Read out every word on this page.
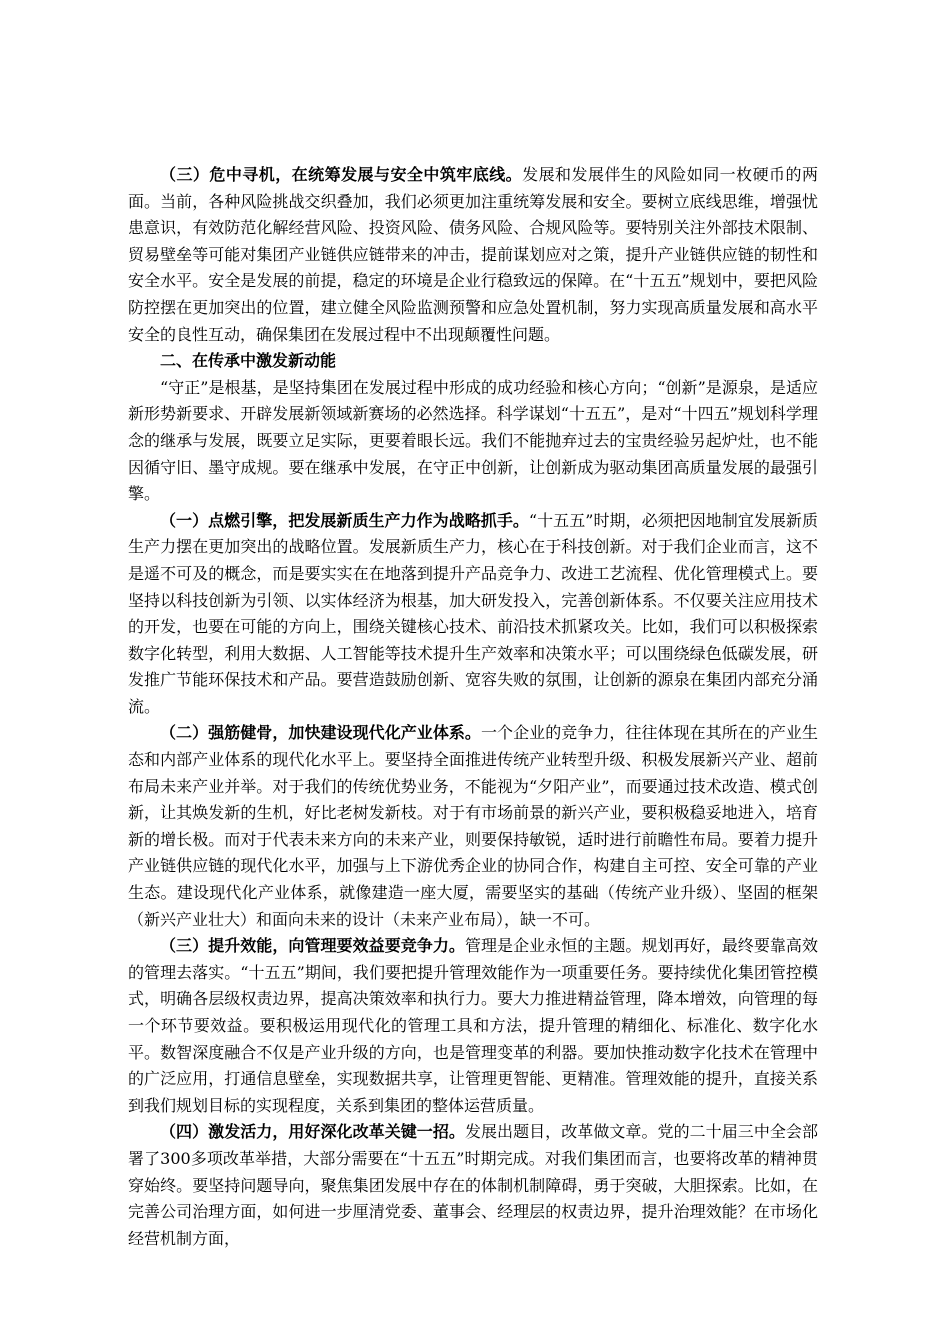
（三）危中寻机，在统筹发展与安全中筑牢底线。发展和发展伴生的风险如同一枚硬币的两面。当前，各种风险挑战交织叠加，我们必须更加注重统筹发展和安全。要树立底线思维，增强忧患意识，有效防范化解经营风险、投资风险、债务风险、合规风险等。要特别关注外部技术限制、贸易壁垒等可能对集团产业链供应链带来的冲击，提前谋划应对之策，提升产业链供应链的韧性和安全水平。安全是发展的前提，稳定的环境是企业行稳致远的保障。在“十五五”规划中，要把风险防控摆在更加突出的位置，建立健全风险监测预警和应急处置机制，努力实现高质量发展和高水平安全的良性互动，确保集团在发展过程中不出现颠覆性问题。

二、在传承中激发新动能

“守正”是根基，是坚持集团在发展过程中形成的成功经验和核心方向；“创新”是源泉，是适应新形势新要求、开辟发展新领域新赛场的必然选择。科学谋划“十五五”，是对“十四五”规划科学理念的继承与发展，既要立足实际，更要着眼长远。我们不能抛弃过去的宝贵经验另起炉灶，也不能因循守旧、墨守成规。要在继承中发展，在守正中创新，让创新成为驱动集团高质量发展的最强引擎。

（一）点燃引擎，把发展新质生产力作为战略抓手。“十五五”时期，必须把因地制宜发展新质生产力摆在更加突出的战略位置。发展新质生产力，核心在于科技创新。对于我们企业而言，这不是遥不可及的概念，而是要实实在在地落到提升产品竞争力、改进工艺流程、优化管理模式上。要坚持以科技创新为引领、以实体经济为根基，加大研发投入，完善创新体系。不仅要关注应用技术的开发，也要在可能的方向上，围绕关键核心技术、前沿技术抓紧攻关。比如，我们可以积极探索数字化转型，利用大数据、人工智能等技术提升生产效率和决策水平；可以围绕绿色低碳发展，研发推广节能环保技术和产品。要营造鼓励创新、宽容失败的氛围，让创新的源泉在集团内部充分涌流。

（二）强筋健骨，加快建设现代化产业体系。一个企业的竞争力，往往体现在其所在的产业生态和内部产业体系的现代化水平上。要坚持全面推进传统产业转型升级、积极发展新兴产业、超前布局未来产业并举。对于我们的传统优势业务，不能视为“夕阳产业”，而要通过技术改造、模式创新，让其焕发新的生机，好比老树发新枝。对于有市场前景的新兴产业，要积极稳妥地进入，培育新的增长极。而对于代表未来方向的未来产业，则要保持敏锐，适时进行前瞻性布局。要着力提升产业链供应链的现代化水平，加强与上下游优秀企业的协同合作，构建自主可控、安全可靠的产业生态。建设现代化产业体系，就像建造一座大厦，需要坚实的基础（传统产业升级）、坚固的框架（新兴产业壮大）和面向未来的设计（未来产业布局），缺一不可。

（三）提升效能，向管理要效益要竞争力。管理是企业永恒的主题。规划再好，最终要靠高效的管理去落实。“十五五”期间，我们要把提升管理效能作为一项重要任务。要持续优化集团管控模式，明确各层级权责边界，提高决策效率和执行力。要大力推进精益管理，降本增效，向管理的每一个环节要效益。要积极运用现代化的管理工具和方法，提升管理的精细化、标准化、数字化水平。数智深度融合不仅是产业升级的方向，也是管理变革的利器。要加快推动数字化技术在管理中的广泛应用，打通信息壁垒，实现数据共享，让管理更智能、更精准。管理效能的提升，直接关系到我们规划目标的实现程度，关系到集团的整体运营质量。

（四）激发活力，用好深化改革关键一招。发展出题目，改革做文章。党的二十届三中全会部署了300多项改革举措，大部分需要在“十五五”时期完成。对我们集团而言，也要将改革的精神贯穿始终。要坚持问题导向，聚焦集团发展中存在的体制机制障碍，勇于突破，大胆探索。比如，在完善公司治理方面，如何进一步厘清党委、董事会、经理层的权责边界，提升治理效能？在市场化经营机制方面，
